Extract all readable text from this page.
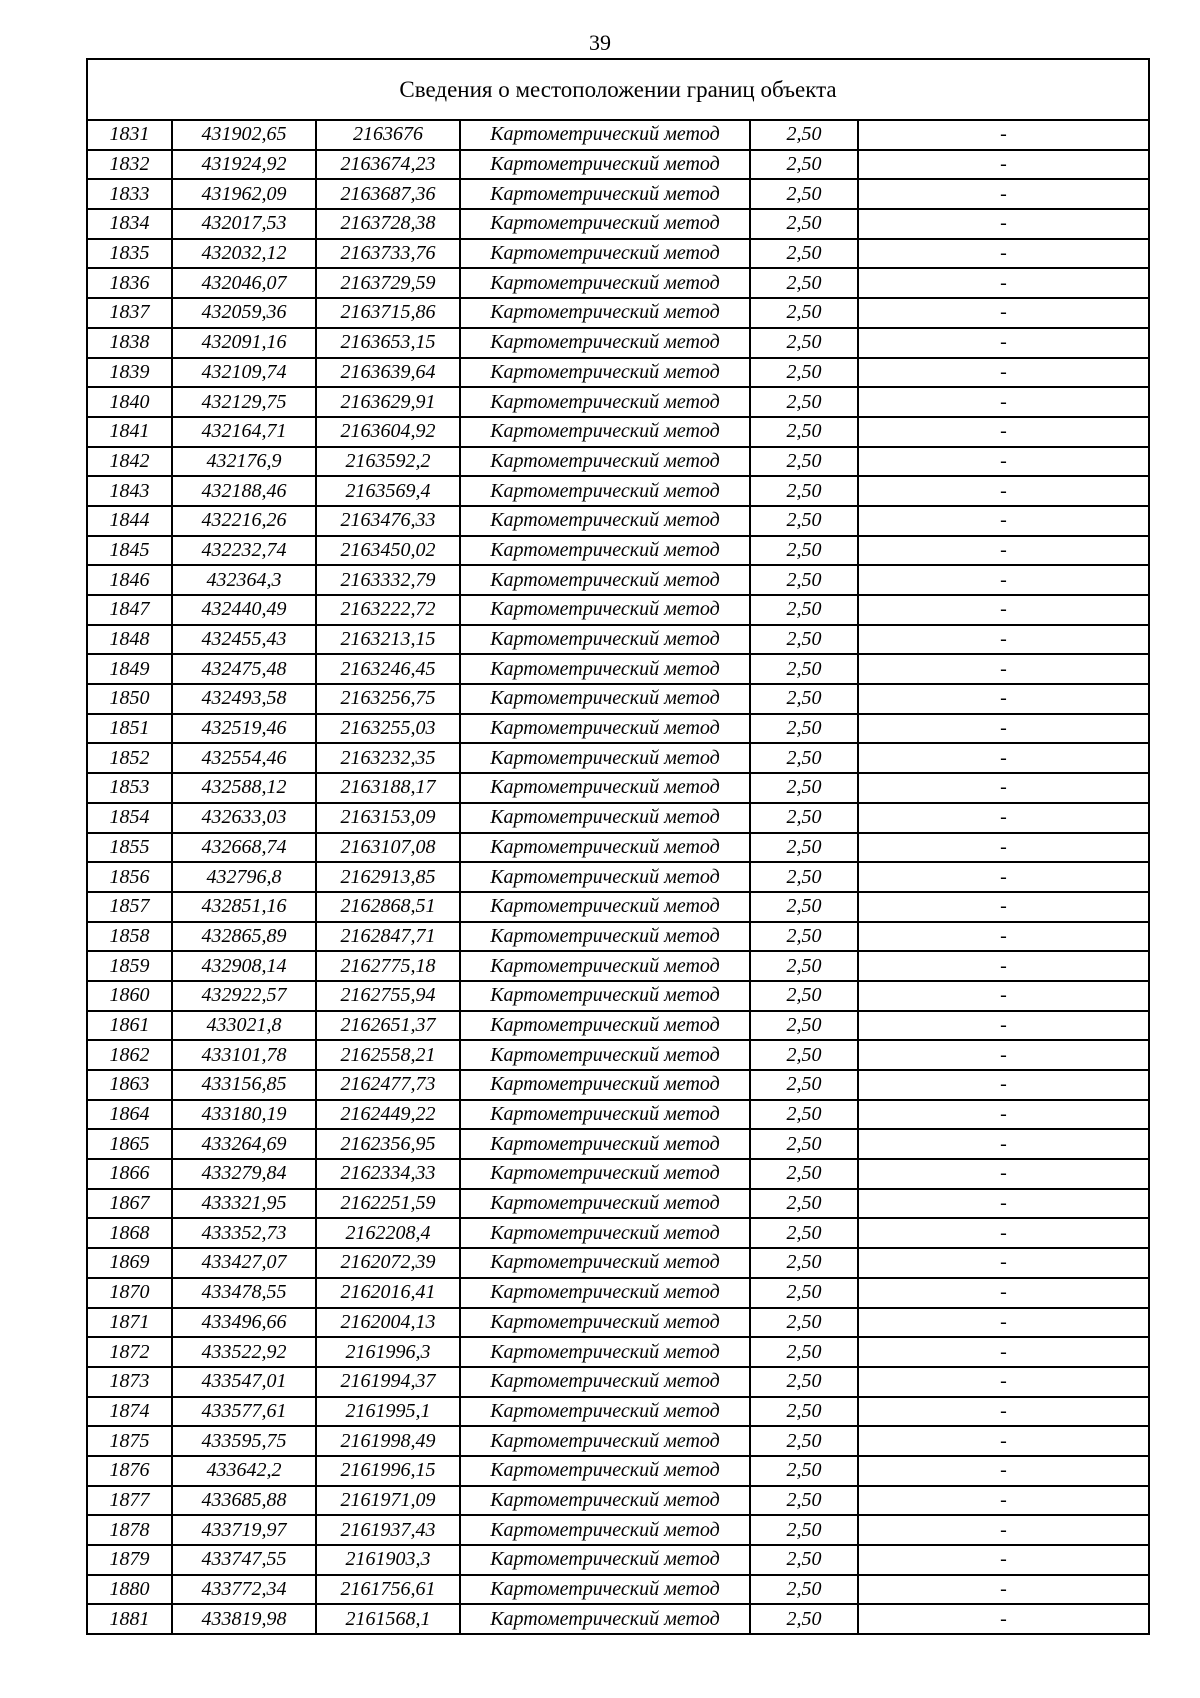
39
Сведения о местоположении границ объекта					
1831	431902,65	2163676	Картометрический метод	2,50	-
1832	431924,92	2163674,23	Картометрический метод	2,50	-
1833	431962,09	2163687,36	Картометрический метод	2,50	-
1834	432017,53	2163728,38	Картометрический метод	2,50	-
1835	432032,12	2163733,76	Картометрический метод	2,50	-
1836	432046,07	2163729,59	Картометрический метод	2,50	-
1837	432059,36	2163715,86	Картометрический метод	2,50	-
1838	432091,16	2163653,15	Картометрический метод	2,50	-
1839	432109,74	2163639,64	Картометрический метод	2,50	-
1840	432129,75	2163629,91	Картометрический метод	2,50	-
1841	432164,71	2163604,92	Картометрический метод	2,50	-
1842	432176,9	2163592,2	Картометрический метод	2,50	-
1843	432188,46	2163569,4	Картометрический метод	2,50	-
1844	432216,26	2163476,33	Картометрический метод	2,50	-
1845	432232,74	2163450,02	Картометрический метод	2,50	-
1846	432364,3	2163332,79	Картометрический метод	2,50	-
1847	432440,49	2163222,72	Картометрический метод	2,50	-
1848	432455,43	2163213,15	Картометрический метод	2,50	-
1849	432475,48	2163246,45	Картометрический метод	2,50	-
1850	432493,58	2163256,75	Картометрический метод	2,50	-
1851	432519,46	2163255,03	Картометрический метод	2,50	-
1852	432554,46	2163232,35	Картометрический метод	2,50	-
1853	432588,12	2163188,17	Картометрический метод	2,50	-
1854	432633,03	2163153,09	Картометрический метод	2,50	-
1855	432668,74	2163107,08	Картометрический метод	2,50	-
1856	432796,8	2162913,85	Картометрический метод	2,50	-
1857	432851,16	2162868,51	Картометрический метод	2,50	-
1858	432865,89	2162847,71	Картометрический метод	2,50	-
1859	432908,14	2162775,18	Картометрический метод	2,50	-
1860	432922,57	2162755,94	Картометрический метод	2,50	-
1861	433021,8	2162651,37	Картометрический метод	2,50	-
1862	433101,78	2162558,21	Картометрический метод	2,50	-
1863	433156,85	2162477,73	Картометрический метод	2,50	-
1864	433180,19	2162449,22	Картометрический метод	2,50	-
1865	433264,69	2162356,95	Картометрический метод	2,50	-
1866	433279,84	2162334,33	Картометрический метод	2,50	-
1867	433321,95	2162251,59	Картометрический метод	2,50	-
1868	433352,73	2162208,4	Картометрический метод	2,50	-
1869	433427,07	2162072,39	Картометрический метод	2,50	-
1870	433478,55	2162016,41	Картометрический метод	2,50	-
1871	433496,66	2162004,13	Картометрический метод	2,50	-
1872	433522,92	2161996,3	Картометрический метод	2,50	-
1873	433547,01	2161994,37	Картометрический метод	2,50	-
1874	433577,61	2161995,1	Картометрический метод	2,50	-
1875	433595,75	2161998,49	Картометрический метод	2,50	-
1876	433642,2	2161996,15	Картометрический метод	2,50	-
1877	433685,88	2161971,09	Картометрический метод	2,50	-
1878	433719,97	2161937,43	Картометрический метод	2,50	-
1879	433747,55	2161903,3	Картометрический метод	2,50	-
1880	433772,34	2161756,61	Картометрический метод	2,50	-
1881	433819,98	2161568,1	Картометрический метод	2,50	-
